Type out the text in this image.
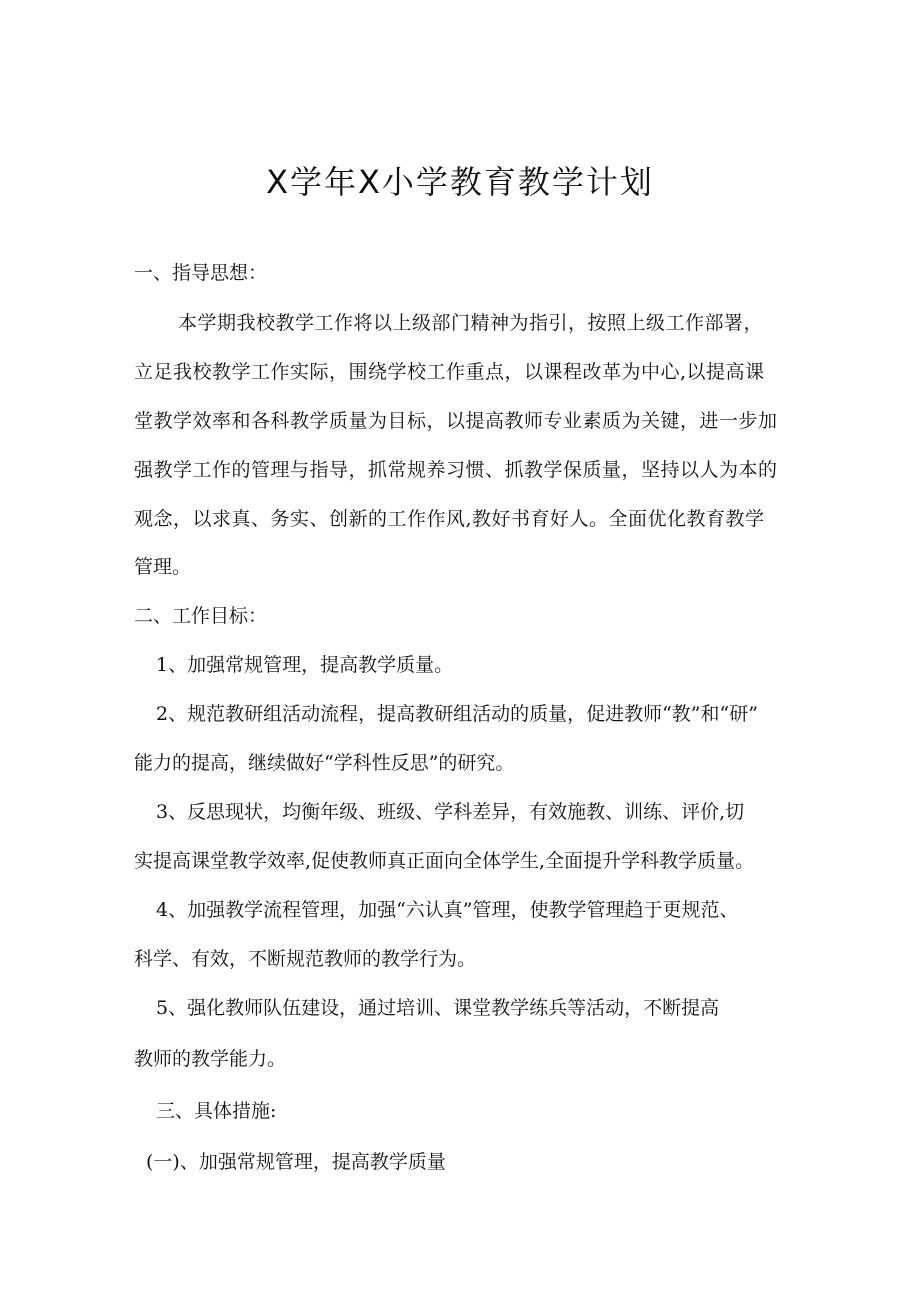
X学年X小学教育教学计划

一、指导思想：

本学期我校教学工作将以上级部门精神为指引，按照上级工作部署，

立足我校教学工作实际，围绕学校工作重点，以课程改革为中心,以提高课

堂教学效率和各科教学质量为目标，以提高教师专业素质为关键，进一步加

强教学工作的管理与指导，抓常规养习惯、抓教学保质量，坚持以人为本的

观念，以求真、务实、创新的工作作风,教好书育好人。全面优化教育教学

管理。

二、工作目标：

1、加强常规管理，提高教学质量。

2、规范教研组活动流程，提高教研组活动的质量，促进教师“教”和“研”

能力的提高，继续做好“学科性反思”的研究。

3、反思现状，均衡年级、班级、学科差异，有效施教、训练、评价,切

实提高课堂教学效率,促使教师真正面向全体学生,全面提升学科教学质量。

4、加强教学流程管理，加强“六认真”管理，使教学管理趋于更规范、

科学、有效，不断规范教师的教学行为。

5、强化教师队伍建设，通过培训、课堂教学练兵等活动，不断提高

教师的教学能力。

三、具体措施:

(一)、加强常规管理，提高教学质量
